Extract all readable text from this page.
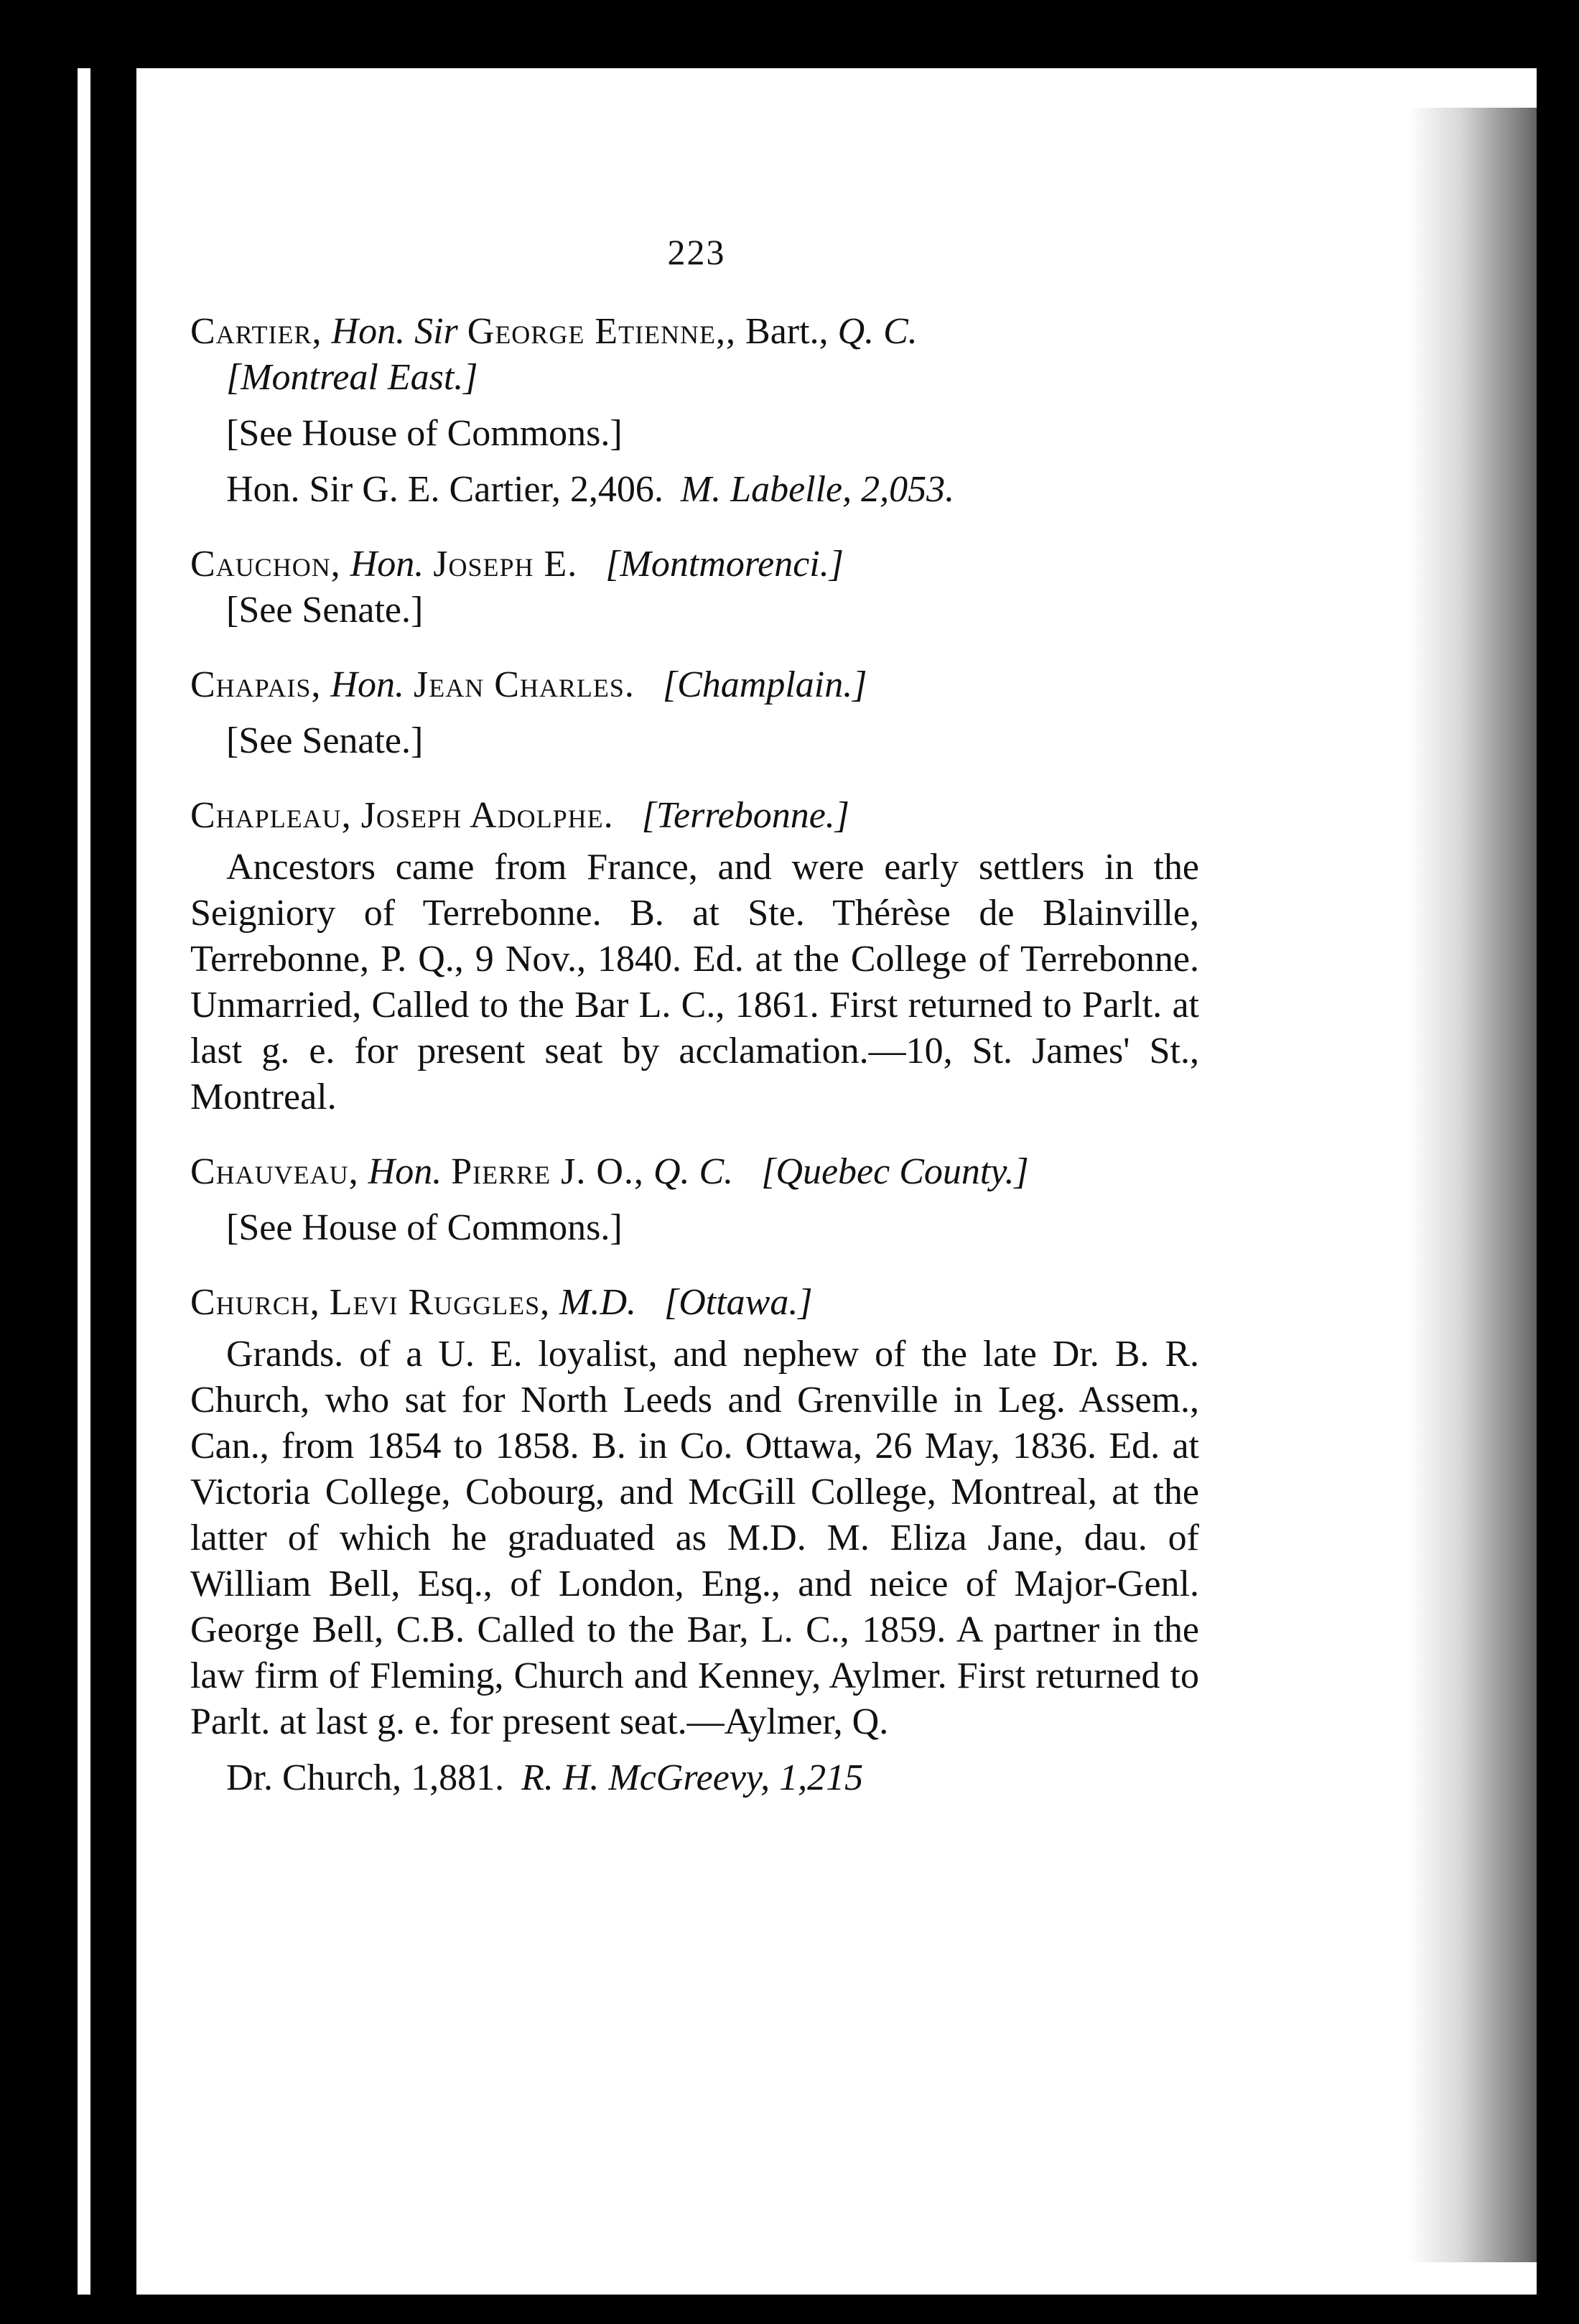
223

Cartier, Hon. Sir George Etienne,, Bart., Q. C.

[Montreal East.]

[See House of Commons.]

Hon. Sir G. E. Cartier, 2,406. M. Labelle, 2,053.

Cauchon, Hon. Joseph E. [Montmorenci.]

[See Senate.]

Chapais, Hon. Jean Charles. [Champlain.]

[See Senate.]

Chapleau, Joseph Adolphe. [Terrebonne.]

Ancestors came from France, and were early settlers in the Seigniory of Terrebonne. B. at Ste. Thérèse de Blainville, Terrebonne, P. Q., 9 Nov., 1840. Ed. at the College of Terrebonne. Unmarried, Called to the Bar L. C., 1861. First returned to Parlt. at last g. e. for present seat by acclamation.—10, St. James' St., Montreal.

Chauveau, Hon. Pierre J. O., Q. C. [Quebec County.]

[See House of Commons.]

Church, Levi Ruggles, M.D. [Ottawa.]

Grands. of a U. E. loyalist, and nephew of the late Dr. B. R. Church, who sat for North Leeds and Grenville in Leg. Assem., Can., from 1854 to 1858. B. in Co. Ottawa, 26 May, 1836. Ed. at Victoria College, Cobourg, and McGill College, Montreal, at the latter of which he graduated as M.D. M. Eliza Jane, dau. of William Bell, Esq., of London, Eng., and neice of Major-Genl. George Bell, C.B. Called to the Bar, L. C., 1859. A partner in the law firm of Fleming, Church and Kenney, Aylmer. First returned to Parlt. at last g. e. for present seat.—Aylmer, Q.

Dr. Church, 1,881. R. H. McGreevy, 1,215
